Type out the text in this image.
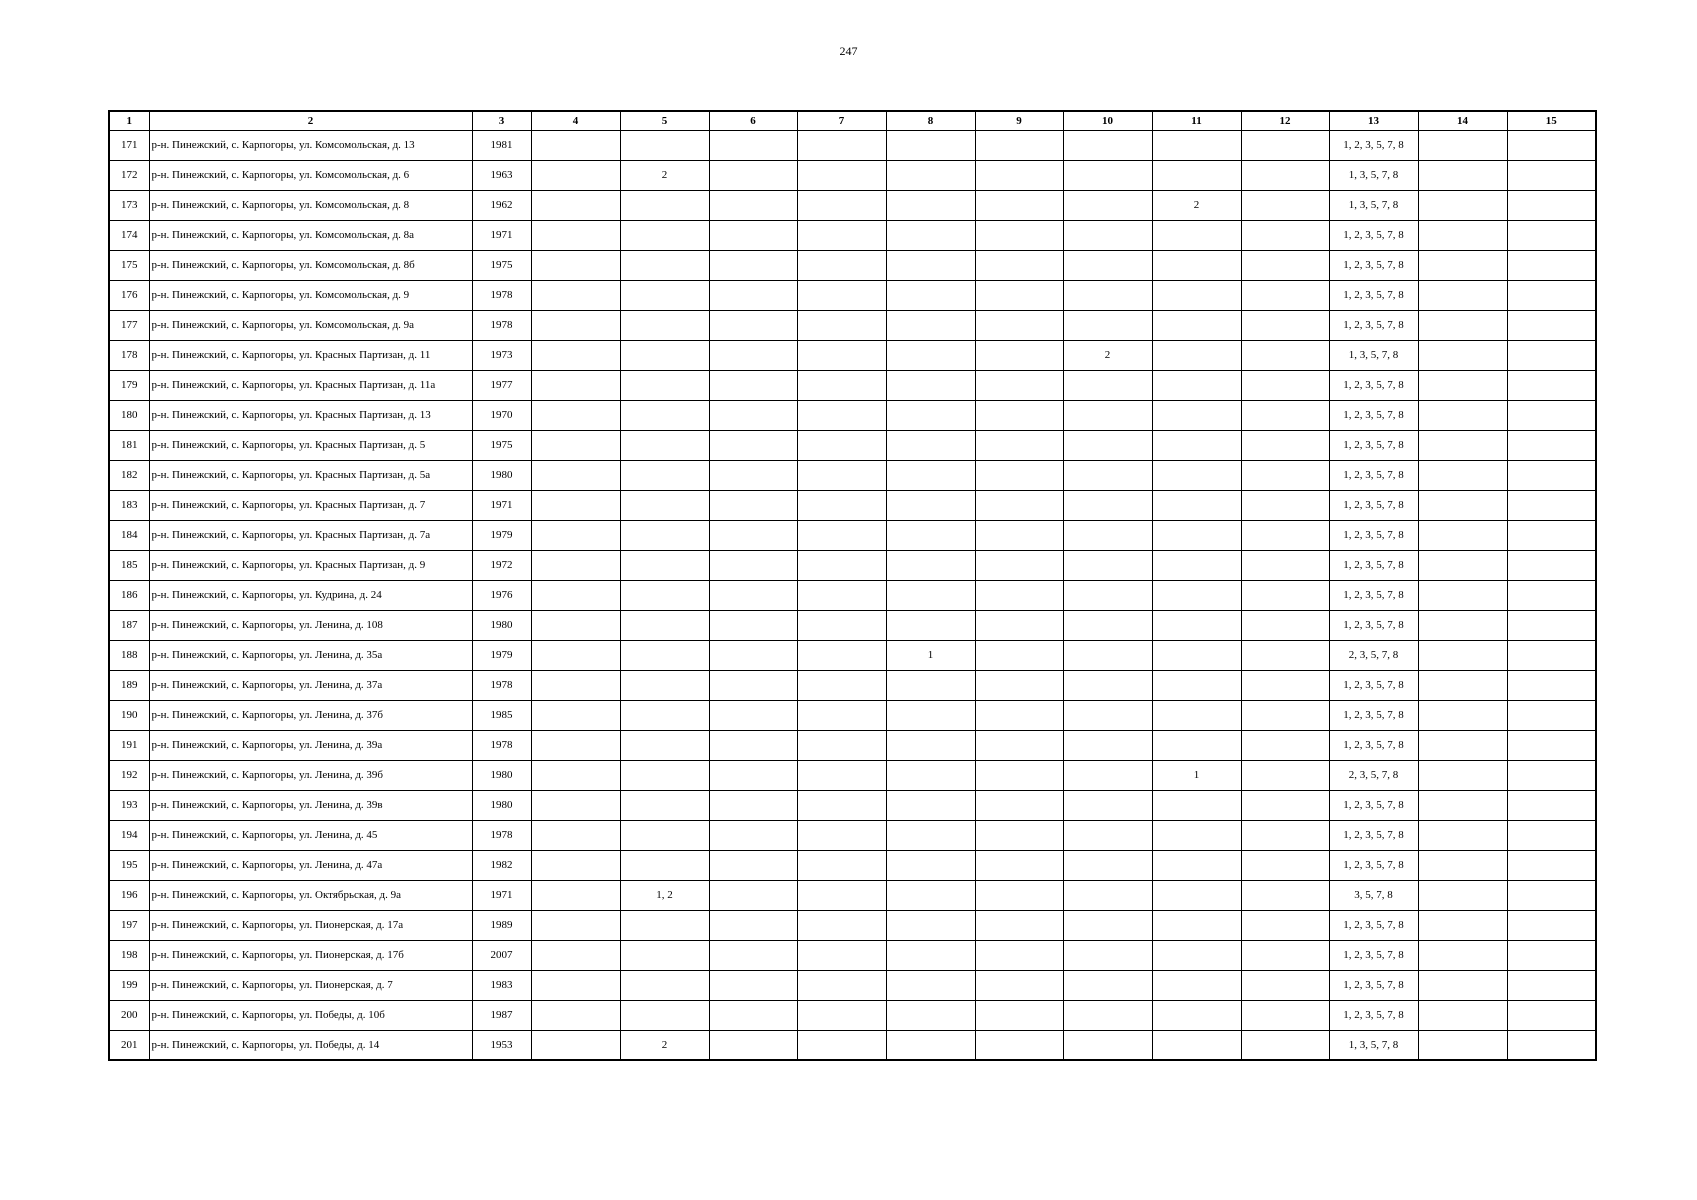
247
1	2	3	4	5	6	7	8	9	10	11	12	13	14	15
171	р-н. Пинежский, с. Карпогоры, ул. Комсомольская, д. 13	1981										1, 2, 3, 5, 7, 8		
172	р-н. Пинежский, с. Карпогоры, ул. Комсомольская, д. 6	1963		2								1, 3, 5, 7, 8		
173	р-н. Пинежский, с. Карпогоры, ул. Комсомольская, д. 8	1962								2		1, 3, 5, 7, 8		
174	р-н. Пинежский, с. Карпогоры, ул. Комсомольская, д. 8а	1971										1, 2, 3, 5, 7, 8		
175	р-н. Пинежский, с. Карпогоры, ул. Комсомольская, д. 8б	1975										1, 2, 3, 5, 7, 8		
176	р-н. Пинежский, с. Карпогоры, ул. Комсомольская, д. 9	1978										1, 2, 3, 5, 7, 8		
177	р-н. Пинежский, с. Карпогоры, ул. Комсомольская, д. 9а	1978										1, 2, 3, 5, 7, 8		
178	р-н. Пинежский, с. Карпогоры, ул. Красных Партизан, д. 11	1973							2			1, 3, 5, 7, 8		
179	р-н. Пинежский, с. Карпогоры, ул. Красных Партизан, д. 11а	1977										1, 2, 3, 5, 7, 8		
180	р-н. Пинежский, с. Карпогоры, ул. Красных Партизан, д. 13	1970										1, 2, 3, 5, 7, 8		
181	р-н. Пинежский, с. Карпогоры, ул. Красных Партизан, д. 5	1975										1, 2, 3, 5, 7, 8		
182	р-н. Пинежский, с. Карпогоры, ул. Красных Партизан, д. 5а	1980										1, 2, 3, 5, 7, 8		
183	р-н. Пинежский, с. Карпогоры, ул. Красных Партизан, д. 7	1971										1, 2, 3, 5, 7, 8		
184	р-н. Пинежский, с. Карпогоры, ул. Красных Партизан, д. 7а	1979										1, 2, 3, 5, 7, 8		
185	р-н. Пинежский, с. Карпогоры, ул. Красных Партизан, д. 9	1972										1, 2, 3, 5, 7, 8		
186	р-н. Пинежский, с. Карпогоры, ул. Кудрина, д. 24	1976										1, 2, 3, 5, 7, 8		
187	р-н. Пинежский, с. Карпогоры, ул. Ленина, д. 108	1980										1, 2, 3, 5, 7, 8		
188	р-н. Пинежский, с. Карпогоры, ул. Ленина, д. 35а	1979					1					2, 3, 5, 7, 8		
189	р-н. Пинежский, с. Карпогоры, ул. Ленина, д. 37а	1978										1, 2, 3, 5, 7, 8		
190	р-н. Пинежский, с. Карпогоры, ул. Ленина, д. 37б	1985										1, 2, 3, 5, 7, 8		
191	р-н. Пинежский, с. Карпогоры, ул. Ленина, д. 39а	1978										1, 2, 3, 5, 7, 8		
192	р-н. Пинежский, с. Карпогоры, ул. Ленина, д. 39б	1980								1		2, 3, 5, 7, 8		
193	р-н. Пинежский, с. Карпогоры, ул. Ленина, д. 39в	1980										1, 2, 3, 5, 7, 8		
194	р-н. Пинежский, с. Карпогоры, ул. Ленина, д. 45	1978										1, 2, 3, 5, 7, 8		
195	р-н. Пинежский, с. Карпогоры, ул. Ленина, д. 47а	1982										1, 2, 3, 5, 7, 8		
196	р-н. Пинежский, с. Карпогоры, ул. Октябрьская, д. 9а	1971		1, 2								3, 5, 7, 8		
197	р-н. Пинежский, с. Карпогоры, ул. Пионерская, д. 17а	1989										1, 2, 3, 5, 7, 8		
198	р-н. Пинежский, с. Карпогоры, ул. Пионерская, д. 17б	2007										1, 2, 3, 5, 7, 8		
199	р-н. Пинежский, с. Карпогоры, ул. Пионерская, д. 7	1983										1, 2, 3, 5, 7, 8		
200	р-н. Пинежский, с. Карпогоры, ул. Победы, д. 10б	1987										1, 2, 3, 5, 7, 8		
201	р-н. Пинежский, с. Карпогоры, ул. Победы, д. 14	1953		2								1, 3, 5, 7, 8		
